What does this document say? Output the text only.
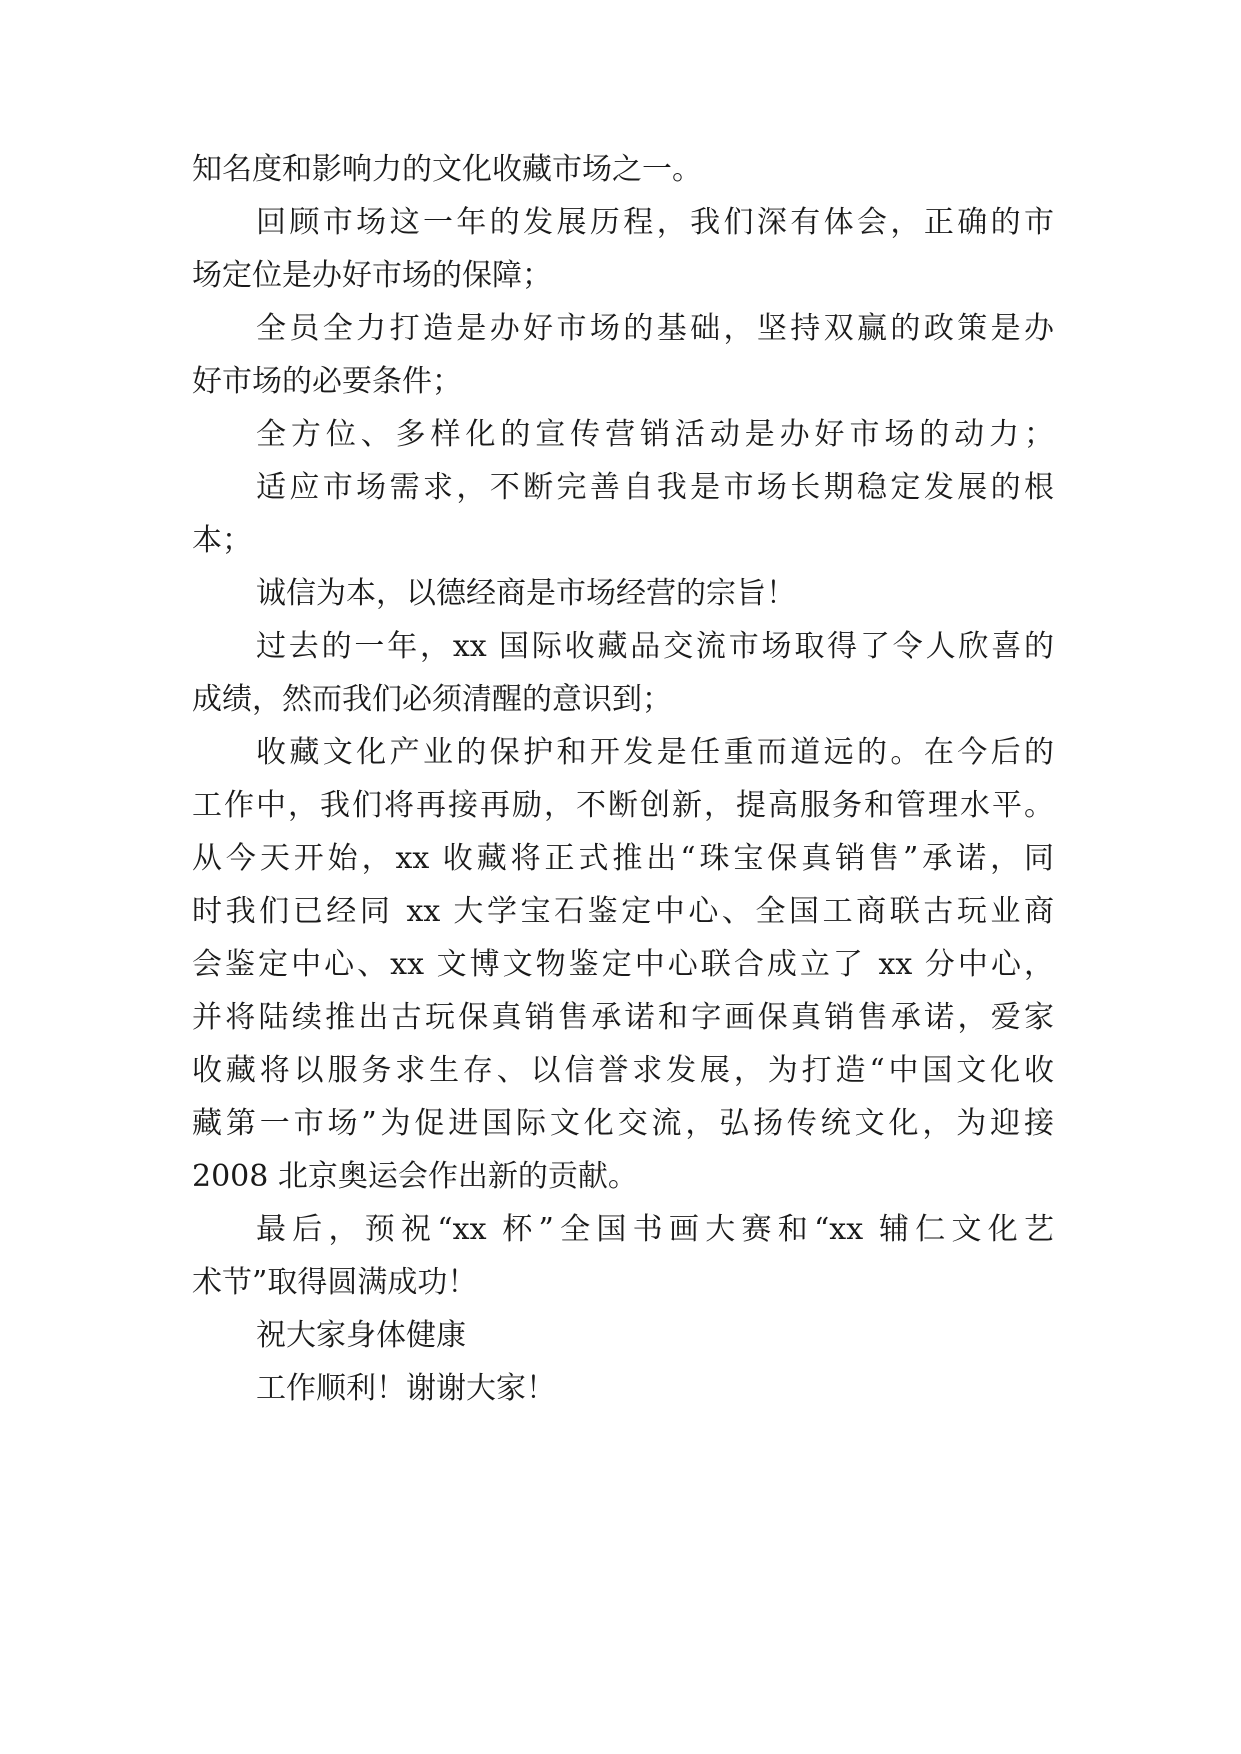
知名度和影响力的文化收藏市场之一。
回顾市场这一年的发展历程，我们深有体会，正确的市
场定位是办好市场的保障；
全员全力打造是办好市场的基础，坚持双赢的政策是办
好市场的必要条件；
全方位、多样化的宣传营销活动是办好市场的动力；
适应市场需求，不断完善自我是市场长期稳定发展的根
本；
诚信为本，以德经商是市场经营的宗旨！
过去的一年，xx 国际收藏品交流市场取得了令人欣喜的
成绩，然而我们必须清醒的意识到；
收藏文化产业的保护和开发是任重而道远的。在今后的
工作中，我们将再接再励，不断创新，提高服务和管理水平。
从今天开始，xx 收藏将正式推出“珠宝保真销售”承诺，同
时我们已经同 xx 大学宝石鉴定中心、全国工商联古玩业商
会鉴定中心、xx 文博文物鉴定中心联合成立了 xx 分中心，
并将陆续推出古玩保真销售承诺和字画保真销售承诺，爱家
收藏将以服务求生存、以信誉求发展，为打造“中国文化收
藏第一市场”为促进国际文化交流，弘扬传统文化，为迎接
2008 北京奥运会作出新的贡献。
最后，预祝“xx 杯”全国书画大赛和“xx 辅仁文化艺
术节”取得圆满成功！
祝大家身体健康
工作顺利！谢谢大家！
